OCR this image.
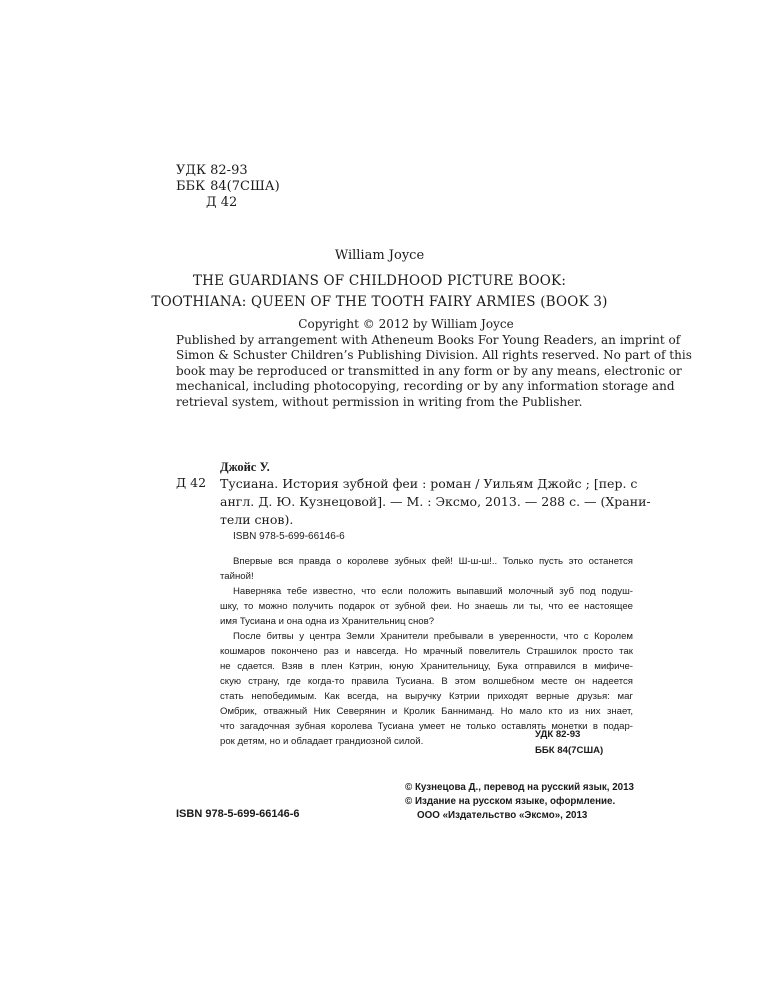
УДК 82-93
ББК 84(7США)
Д 42

William Joyce

THE GUARDIANS OF CHILDHOOD PICTURE BOOK:
TOOTHIANA: QUEEN OF THE TOOTH FAIRY ARMIES (BOOK 3)
Copyright © 2012 by William Joyce
Published by arrangement with Atheneum Books For Young Readers, an imprint of
Simon & Schuster Children’s Publishing Division. All rights reserved. No part of this
book may be reproduced or transmitted in any form or by any means, electronic or
mechanical, including photocopying, recording or by any information storage and
retrieval system, without permission in writing from the Publisher.

Джойс У.

Д 42 Тусиана. История зубной феи : роман / Уильям Джойс ; [пер. с
англ. Д. Ю. Кузнецовой]. — М. : Эксмо, 2013. — 288 с. — (Храни-
тели снов).

ISBN 978-5-699-66146-6

Впервые вся правда о королеве зубных фей! Ш-ш-ш!.. Только пусть это останется
тайной!
Наверняка тебе известно, что если положить выпавший молочный зуб под подуш-
шку, то можно получить подарок от зубной феи. Но знаешь ли ты, что ее настоящее
имя Тусиана и она одна из Хранительниц снов?
После битвы у центра Земли Хранители пребывали в уверенности, что с Королем
кошмаров покончено раз и навсегда. Но мрачный повелитель Страшилок просто так
не сдается. Взяв в плен Кэтрин, юную Хранительницу, Бука отправился в мифиче-
скую страну, где когда-то правила Тусиана. В этом волшебном месте он надеется
стать непобедимым. Как всегда, на выручку Кэтрии приходят верные друзья: маг
Омбрик, отважный Ник Северянин и Кролик Банниманд. Но мало кто из них знает,
что загадочная зубная королева Тусиана умеет не только оставлять монетки в подар-
рок детям, но и обладает грандиозной силой.
УДК 82-93
ББК 84(7США)
© Кузнецова Д., перевод на русский язык, 2013
© Издание на русском языке, оформление.
ООО «Издательство «Эксмо», 2013

ISBN 978-5-699-66146-6
